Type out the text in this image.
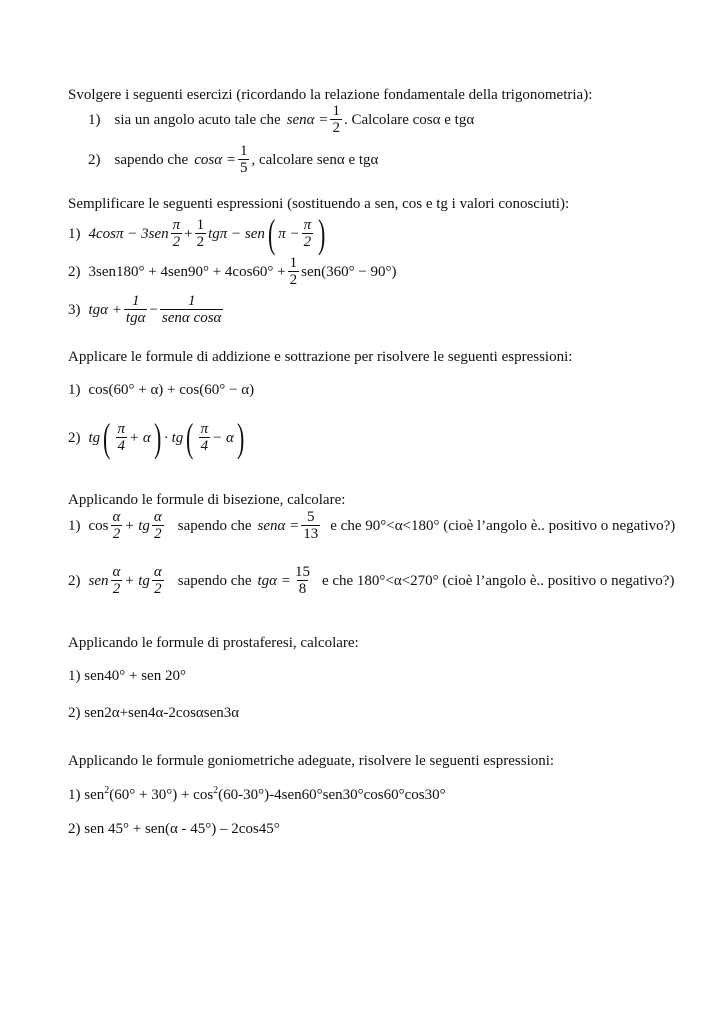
Svolgere i seguenti esercizi (ricordando la relazione fondamentale della trigonometria):
1) sia un angolo acuto tale che $sen\alpha = \frac{1}{2}$ . Calcolare cosα e tgα
2) sapendo che $\cos\alpha = \frac{1}{5}$ , calcolare senα e tgα
Semplificare le seguenti espressioni (sostituendo a sen, cos e tg i valori conosciuti):
1) $4\cos\pi - 3sen \frac{\pi}{2} + \frac{1}{2}$ tgπ − sen ( $\pi - \frac{\pi}{2}$ )
2) $3sen180^\circ + 4sen90^\circ + 4\cos 60^\circ + \frac{1}{2} sen(360^\circ - 90^\circ)$
3) $tg\alpha + \frac{1}{\text{tgα}} - \frac{1}{\text{senα cosα}}$
Applicare le formule di addizione e sottrazione per risolvere le seguenti espressioni:
1) cos(60° + α) + cos(60° − α)
2) tg ( $\frac{\pi}{4} + \alpha$ ) · tg ( $\frac{\pi}{4} - \alpha$ )
Applicando le formule di bisezione, calcolare:
1) $\cos \frac{\alpha}{2}$ + tg $\frac{\alpha}{2}$ sapendo che $sen\alpha = \frac{5}{13}$ e che 90°<α<180° (cioè l’angolo è.. positivo o negativo?)
2) sen $\frac{\alpha}{2}$ + tg $\frac{\alpha}{2}$ sapendo che $tg\alpha = \frac{15}{8}$ e che 180°<α<270° (cioè l’angolo è.. positivo o negativo?)
Applicando le formule di prostaferesi, calcolare:
1) sen40° + sen 20°
2) sen2α+sen4α-2cosαsen3α
Applicando le formule goniometriche adeguate, risolvere le seguenti espressioni:
1) $sen^2(60^\circ + 30^\circ) + \cos^2(60-30^\circ)-4sen60^\circ sen30^\circ\cos 60^\circ\cos 30^\circ$
2) sen 45° + sen(α - 45°) – 2cos45°
